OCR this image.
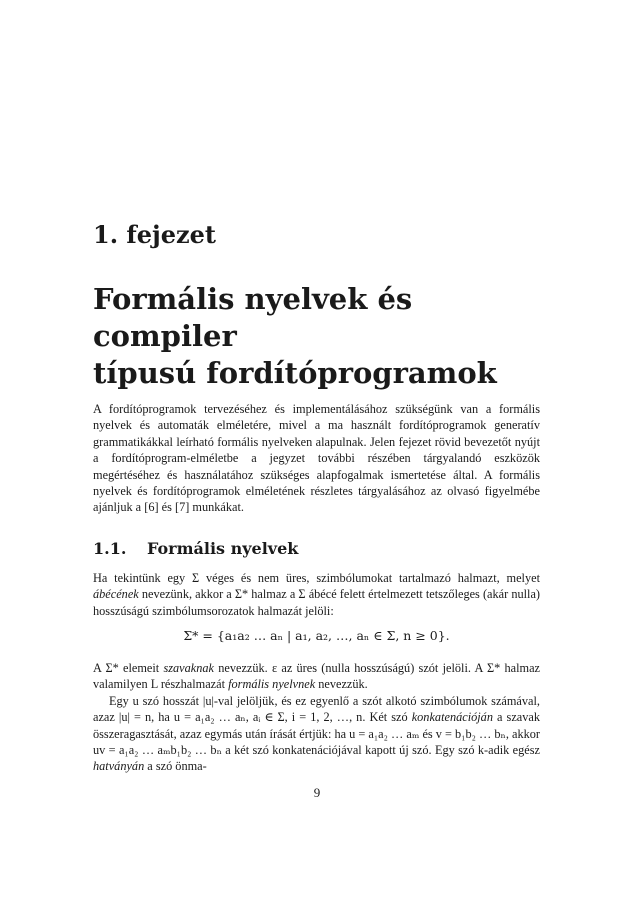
1. fejezet
Formális nyelvek és compiler
típusú fordítóprogramok

A fordítóprogramok tervezéséhez és implementálásához szükségünk van a formális nyelvek és automaták elméletére, mivel a ma használt fordítóprogramok generatív grammatikákkal leírható formális nyelveken alapulnak. Jelen fejezet rövid bevezetőt nyújt a fordítóprogram-elméletbe a jegyzet további részében tárgyalandó eszközök megértéséhez és használatához szükséges alapfogalmak ismertetése által. A formális nyelvek és fordítóprogramok elméletének részletes tárgyalásához az olvasó figyelmébe ajánljuk a [6] és [7] munkákat.

1.1. Formális nyelvek

Ha tekintünk egy Σ véges és nem üres, szimbólumokat tartalmazó halmazt, melyet ábécének nevezünk, akkor a Σ* halmaz a Σ ábécé felett értelmezett tetszőleges (akár nulla) hosszúságú szimbólumsorozatok halmazát jelöli:

Σ* = {a₁a₂ … aₙ | a₁, a₂, …, aₙ ∈ Σ, n ≥ 0}.

A Σ* elemeit szavaknak nevezzük. ε az üres (nulla hosszúságú) szót jelöli. A Σ* halmaz valamilyen L részhalmazát formális nyelvnek nevezzük.

Egy u szó hosszát |u|-val jelöljük, és ez egyenlő a szót alkotó szimbólumok számával, azaz |u| = n, ha u = a₁a₂ … aₙ, aᵢ ∈ Σ, i = 1, 2, …, n. Két szó konkatenációján a szavak összeragasztását, azaz egymás után írását értjük: ha u = a₁a₂ … aₘ és v = b₁b₂ … bₙ, akkor uv = a₁a₂ … aₘb₁b₂ … bₙ a két szó konkatenációjával kapott új szó. Egy szó k-adik egész hatványán a szó önma-

9
